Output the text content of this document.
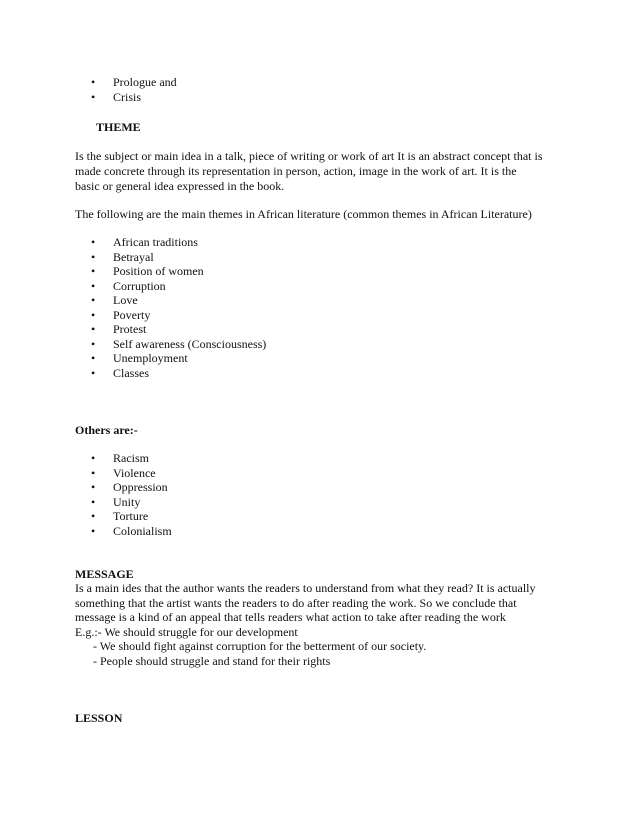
•	Prologue and
•	Crisis
THEME
Is the subject or main idea in a talk, piece of writing or work of art It is an abstract concept that is
made concrete through its representation in person, action, image in the work of art. It is the
basic or general idea expressed in the book.
The following are the main themes in African literature (common themes in African Literature)
•	African traditions
•	Betrayal
•	Position of women
•	Corruption
•	Love
•	Poverty
•	Protest
•	Self awareness (Consciousness)
•	Unemployment
•	Classes
Others are:-
•	Racism
•	Violence
•	Oppression
•	Unity
•	Torture
•	Colonialism
MESSAGE
Is a main ides that the author wants the readers to understand from what they read? It is actually
something that the artist wants the readers to do after reading the work. So we conclude that
message is a kind of an appeal that tells readers what action to take after reading the work
E.g.:- We should struggle for our development
- We should fight against corruption for the betterment of our society.
- People should struggle and stand for their rights
LESSON
